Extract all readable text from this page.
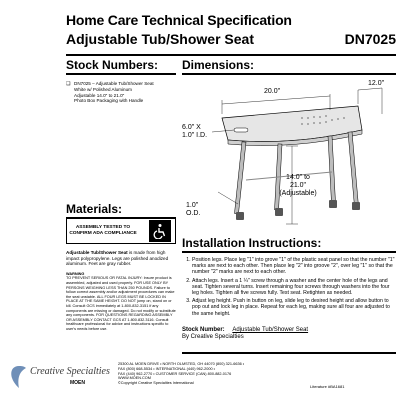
Home Care Technical Specification
Adjustable Tub/Shower Seat	DN7025
Stock Numbers:
❑ DN7025 – Adjustable Tub/Shower Seat
White w/ Polished Aluminum
Adjustable 14.0" to 21.0"
Photo Box Packaging with Handle
Dimensions:
20.0"
12.0"
6.0" X 1.0" I.D.
1.0" O.D.
14.0" to 21.0" (Adjustable)
Materials:
ASSEMBLY TESTED TO CONFIRM ADA COMPLIANCE
Adjustable Tub/Shower Seat is made from high impact polypropylene. Legs are polished anodized aluminum. Feet are gray rubber.
WARNING
TO PREVENT SERIOUS OR FATAL INJURY: Insure product is assembled, adjusted and used properly. FOR USE ONLY BY PERSONS WEIGHING LESS THAN 250 POUNDS. Failure to follow correct assembly and/or adjustment procedures can make the seat unstable. ALL FOUR LEGS MUST BE LOCKED IN PLACE AT THE SAME HEIGHT. DO NOT jump on, stand on or kill. Consult GCS immediately at 1-800-832-3151 if any components are missing or damaged. Do not modify or substitute any components. FOR QUESTIONS REGARDING ASSEMBLY OR ASSEMBLY CONTACT GCS AT 1.800.832.3116. Consult healthcare professional for advice and instructions specific to user's needs before use.
Installation Instructions:
1. Position legs. Place leg "1" into grove "1" of the plastic seat panel so that the number "1" marks are next to each other. Then place leg "2" into groove "2", over leg "1" so that the number "2" marks are next to each other.
2. Attach legs. Insert a 1 ¼" screw through a washer and the center hole of the legs and seat. Tighten several turns. Insert remaining four screws through washers into the four leg holes. Tighten all five screws fully. Test seat. Retighten as needed.
3. Adjust leg height. Push in button on leg, slide leg to desired height and allow button to pop out and lock leg in place. Repeat for each leg, making sure all four are adjusted to the same height.
Stock Number: Adjustable Tub/Shower Seat
By Creative Specialties
Creative Specialties
MOEN
25300 AL MOEN DRIVE • NORTH OLMSTED, OH 44070 (800) 321-6636 •
FAX (800) 668-5534 • INTERNATIONAL (440) 962-2000 •
FAX (440) 962-2770 • CUSTOMER SERVICE (CAN) 800-882-0176
WWW.MOEN.COM
©Copyright Creative Specialties International
Literature #BA1681
